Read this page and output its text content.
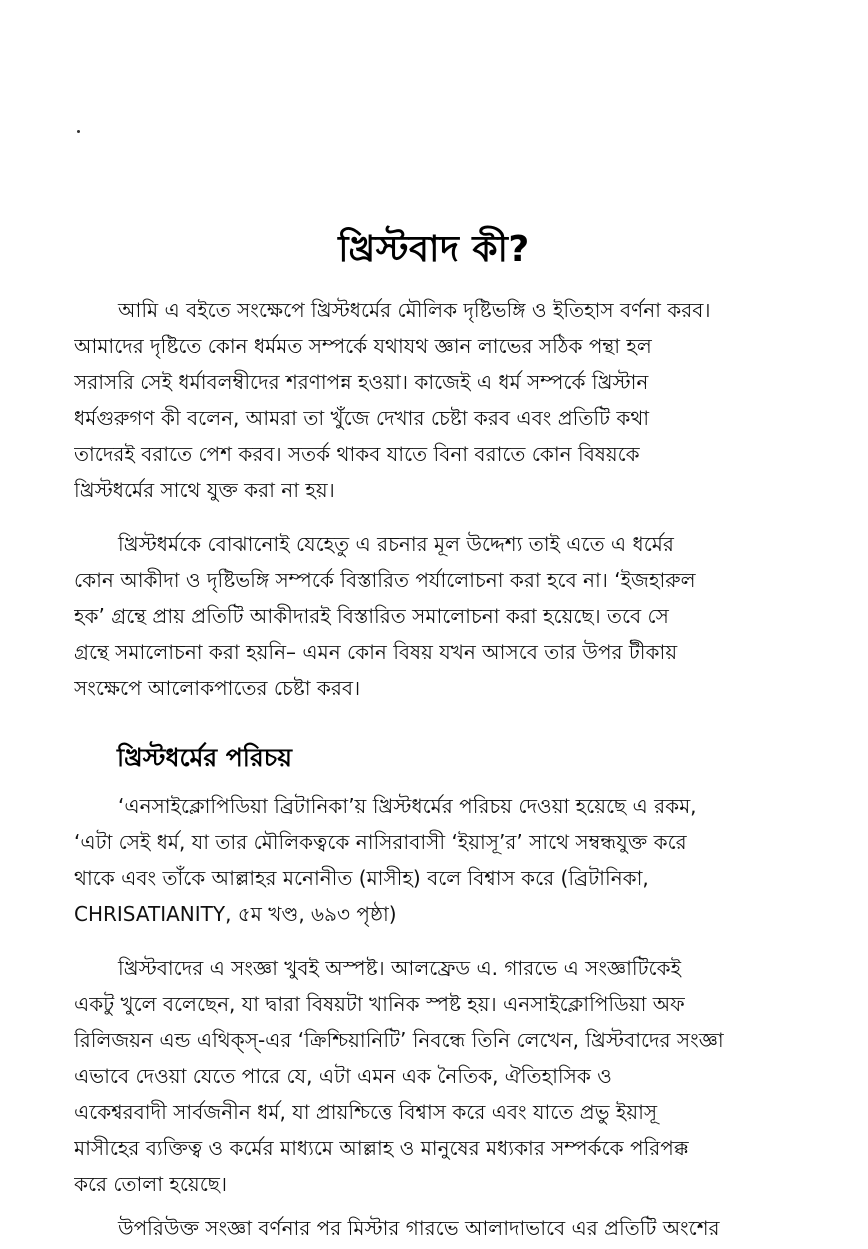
খ্রিস্টবাদ কী?
আমি এ বইতে সংক্ষেপে খ্রিস্টধর্মের মৌলিক দৃষ্টিভঙ্গি ও ইতিহাস বর্ণনা করব।
আমাদের দৃষ্টিতে কোন ধর্মমত সম্পর্কে যথাযথ জ্ঞান লাভের সঠিক পন্থা হল
সরাসরি সেই ধর্মাবলম্বীদের শরণাপন্ন হওয়া। কাজেই এ ধর্ম সম্পর্কে খ্রিস্টান
ধর্মগুরুগণ কী বলেন, আমরা তা খুঁজে দেখার চেষ্টা করব এবং প্রতিটি কথা
তাদেরই বরাতে পেশ করব। সতর্ক থাকব যাতে বিনা বরাতে কোন বিষয়কে
খ্রিস্টধর্মের সাথে যুক্ত করা না হয়।
খ্রিস্টধর্মকে বোঝানোই যেহেতু এ রচনার মূল উদ্দেশ্য তাই এতে এ ধর্মের
কোন আকীদা ও দৃষ্টিভঙ্গি সম্পর্কে বিস্তারিত পর্যালোচনা করা হবে না। ‘ইজহারুল
হক’ গ্রন্থে প্রায় প্রতিটি আকীদারই বিস্তারিত সমালোচনা করা হয়েছে। তবে সে
গ্রন্থে সমালোচনা করা হয়নি– এমন কোন বিষয় যখন আসবে তার উপর টীকায়
সংক্ষেপে আলোকপাতের চেষ্টা করব।
খ্রিস্টধর্মের পরিচয়
‘এনসাইক্লোপিডিয়া ব্রিটানিকা’য় খ্রিস্টধর্মের পরিচয় দেওয়া হয়েছে এ রকম,
‘এটা সেই ধর্ম, যা তার মৌলিকত্বকে নাসিরাবাসী ‘ইয়াসূ’র’ সাথে সম্বন্ধযুক্ত করে
থাকে এবং তাঁকে আল্লাহর মনোনীত (মাসীহ) বলে বিশ্বাস করে (ব্রিটানিকা,
CHRISATIANITY, ৫ম খণ্ড, ৬৯৩ পৃষ্ঠা)
খ্রিস্টবাদের এ সংজ্ঞা খুবই অস্পষ্ট। আলফ্রেড এ. গারভে এ সংজ্ঞাটিকেই
একটু খুলে বলেছেন, যা দ্বারা বিষয়টা খানিক স্পষ্ট হয়। এনসাইক্লোপিডিয়া অফ
রিলিজয়ন এন্ড এথিক্স্-এর ‘ক্রিশ্চিয়ানিটি’ নিবন্ধে তিনি লেখেন, খ্রিস্টবাদের সংজ্ঞা
এভাবে দেওয়া যেতে পারে যে, এটা এমন এক নৈতিক, ঐতিহাসিক ও
একেশ্বরবাদী সার্বজনীন ধর্ম, যা প্রায়শ্চিত্তে বিশ্বাস করে এবং যাতে প্রভু ইয়াসূ
মাসীহের ব্যক্তিত্ব ও কর্মের মাধ্যমে আল্লাহ ও মানুষের মধ্যকার সম্পর্ককে পরিপক্ক
করে তোলা হয়েছে।
উপরিউক্ত সংজ্ঞা বর্ণনার পর মিস্টার গারভে আলাদাভাবে এর প্রতিটি অংশের
